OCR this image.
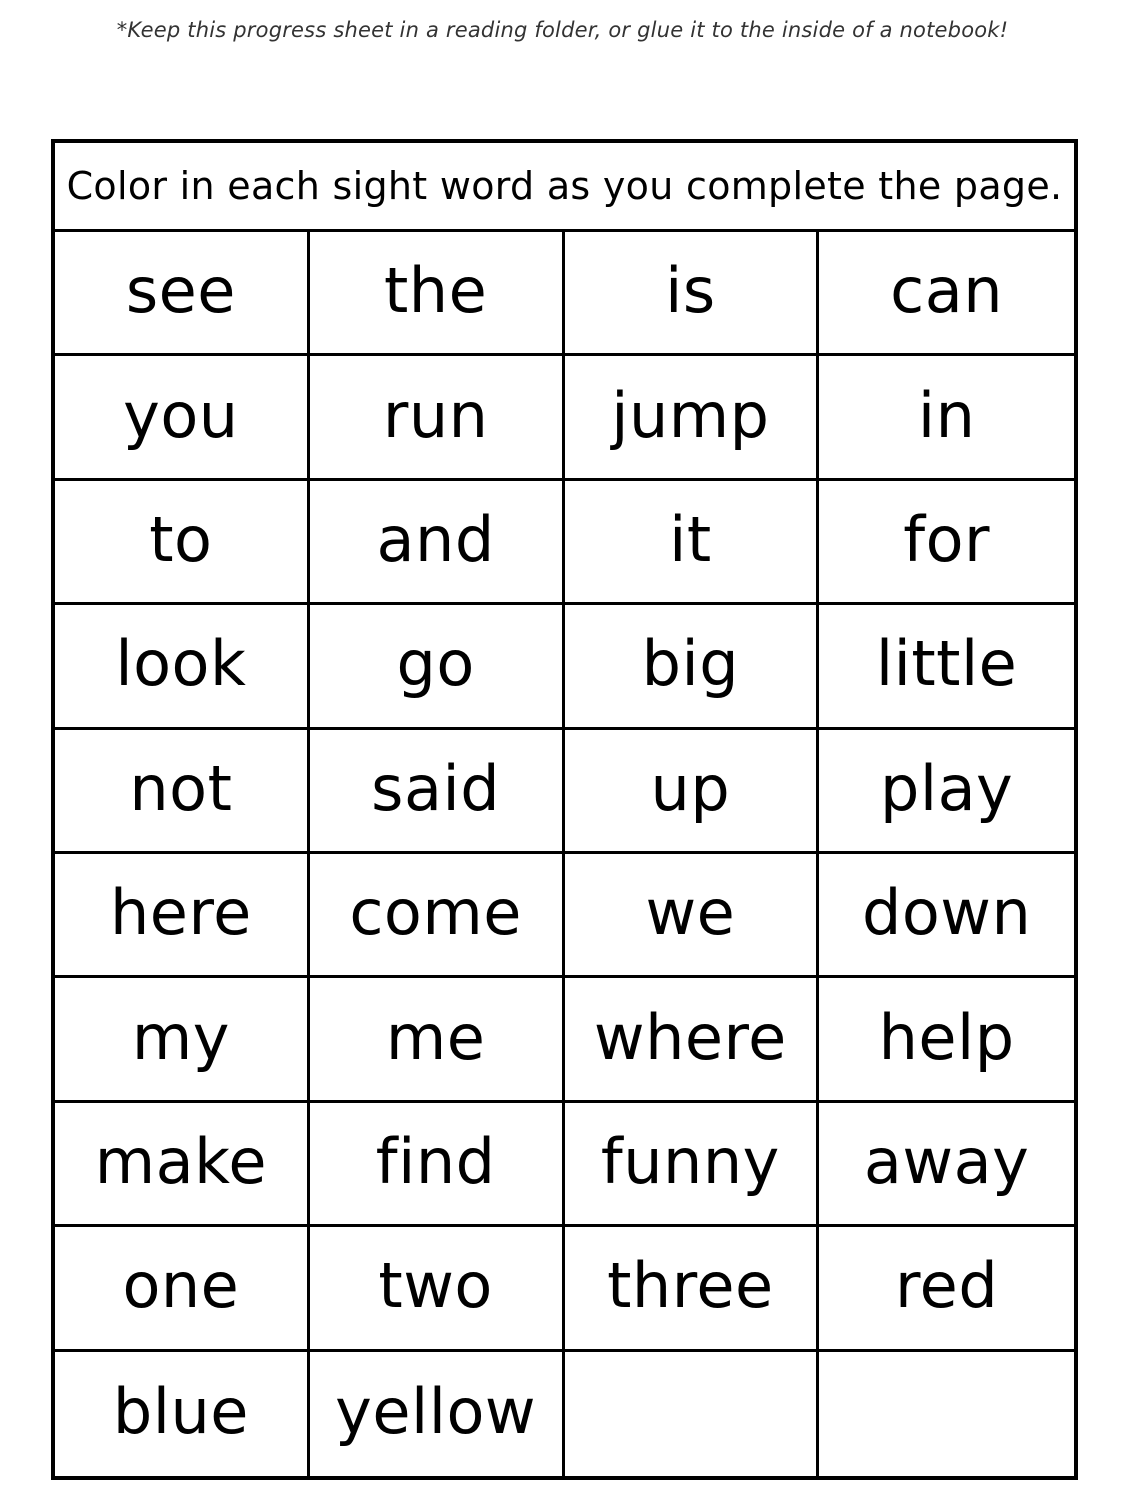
*Keep this progress sheet in a reading folder, or glue it to the inside of a notebook!
Color in each sight word as you complete the page.
see	the	is	can
you	run	jump	in
to	and	it	for
look	go	big	little
not	said	up	play
here	come	we	down
my	me	where	help
make	find	funny	away
one	two	three	red
blue	yellow
